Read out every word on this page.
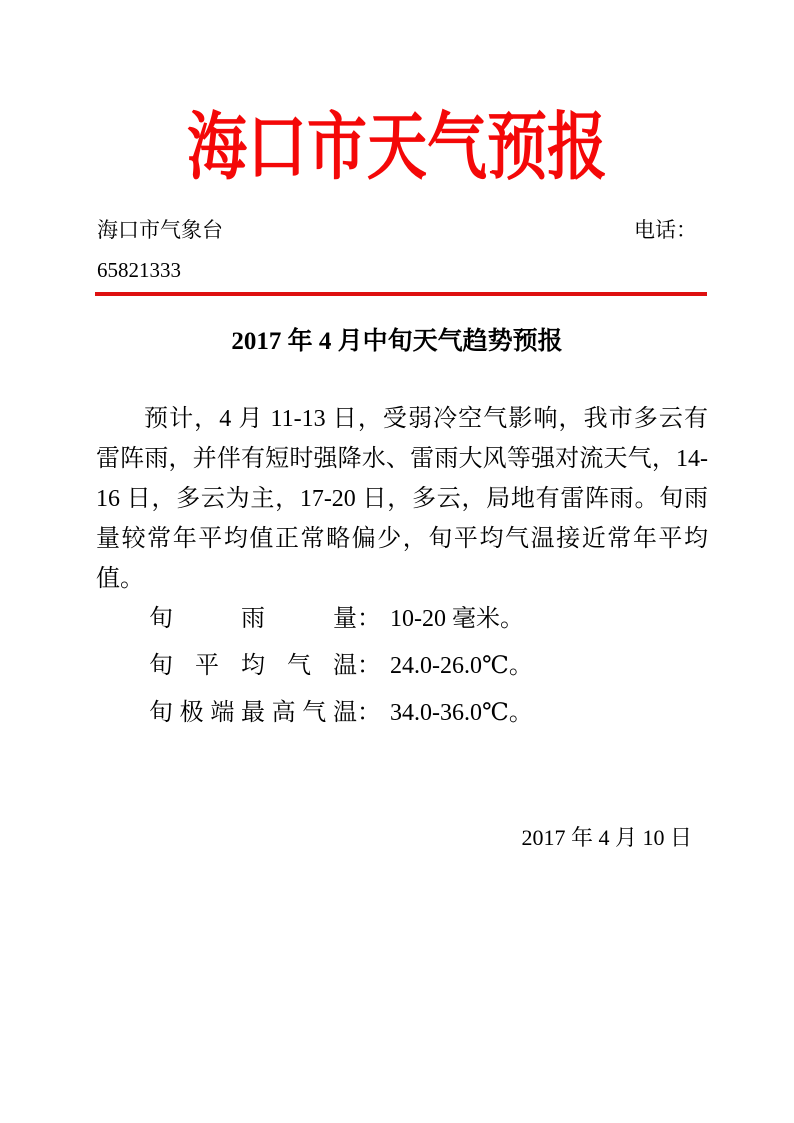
海口市天气预报
海口市气象台	电话：
65821333
2017 年 4 月中旬天气趋势预报

预计，4 月 11-13 日，受弱冷空气影响，我市多云有雷阵雨，并伴有短时强降水、雷雨大风等强对流天气，14-16 日，多云为主，17-20 日，多云，局地有雷阵雨。旬雨量较常年平均值正常略偏少，旬平均气温接近常年平均值。

旬	雨	量 ： 10-20 毫米。
旬 平 均 气 温 ： 24.0-26.0℃。
旬 极 端 最 高 气 温 ： 34.0-36.0℃。
2017 年 4 月 10 日
